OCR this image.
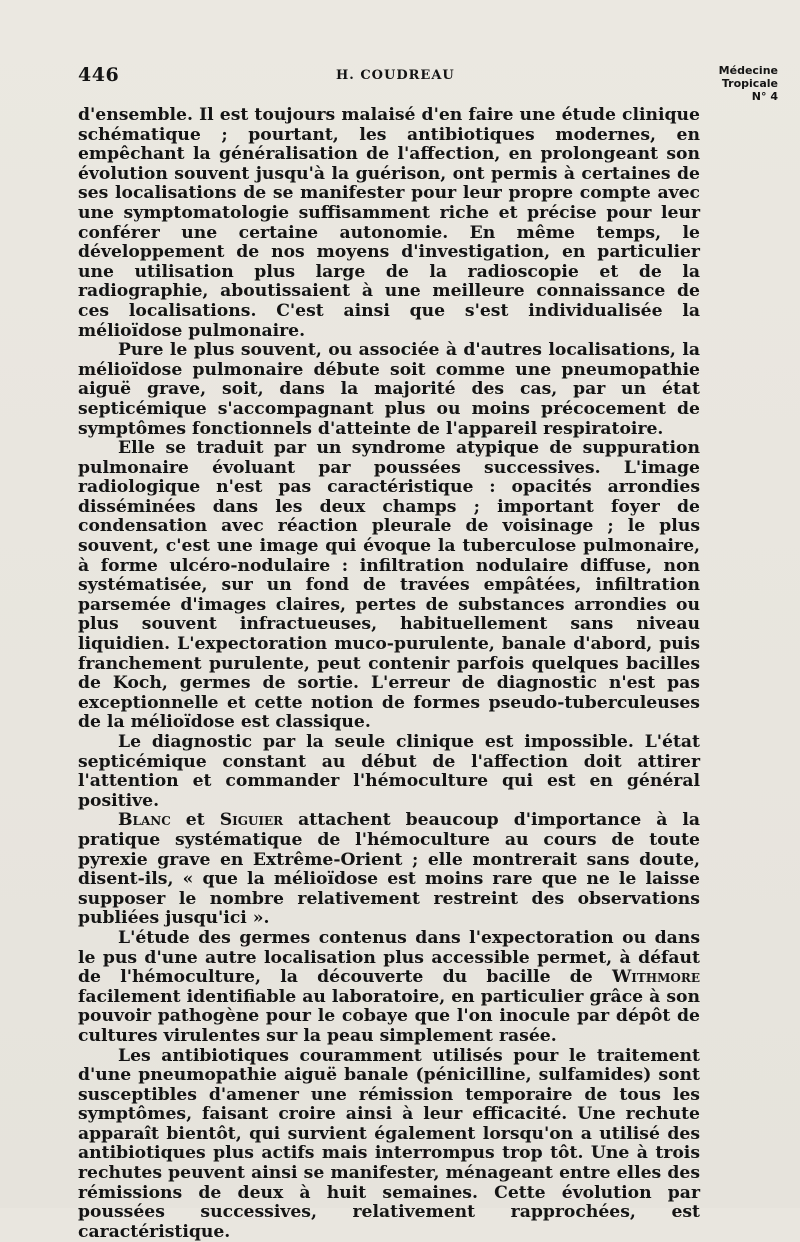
446	H. COUDREAU	Médecine
Tropicale
N° 4

d'ensemble. Il est toujours malaisé d'en faire une étude clinique schématique ; pourtant, les antibiotiques modernes, en empêchant la généralisation de l'affection, en prolongeant son évolution souvent jusqu'à la guérison, ont permis à certaines de ses localisations de se manifester pour leur propre compte avec une symptomatologie suffisamment riche et précise pour leur conférer une certaine autonomie. En même temps, le développement de nos moyens d'investigation, en particulier une utilisation plus large de la radioscopie et de la radiographie, aboutissaient à une meilleure connaissance de ces localisations. C'est ainsi que s'est individualisée la mélioïdose pulmonaire.

Pure le plus souvent, ou associée à d'autres localisations, la mélioïdose pulmonaire débute soit comme une pneumopathie aiguë grave, soit, dans la majorité des cas, par un état septicémique s'accompagnant plus ou moins précocement de symptômes fonctionnels d'atteinte de l'appareil respiratoire.

Elle se traduit par un syndrome atypique de suppuration pulmonaire évoluant par poussées successives. L'image radiologique n'est pas caractéristique : opacités arrondies disséminées dans les deux champs ; important foyer de condensation avec réaction pleurale de voisinage ; le plus souvent, c'est une image qui évoque la tuberculose pulmonaire, à forme ulcéro-nodulaire : infiltration nodulaire diffuse, non systématisée, sur un fond de travées empâtées, infiltration parsemée d'images claires, pertes de substances arrondies ou plus souvent infractueuses, habituellement sans niveau liquidien. L'expectoration muco-purulente, banale d'abord, puis franchement purulente, peut contenir parfois quelques bacilles de Koch, germes de sortie. L'erreur de diagnostic n'est pas exceptionnelle et cette notion de formes pseudo-tuberculeuses de la mélioïdose est classique.

Le diagnostic par la seule clinique est impossible. L'état septicémique constant au début de l'affection doit attirer l'attention et commander l'hémoculture qui est en général positive.

Blanc et Siguier attachent beaucoup d'importance à la pratique systématique de l'hémoculture au cours de toute pyrexie grave en Extrême-Orient ; elle montrerait sans doute, disent-ils, « que la mélioïdose est moins rare que ne le laisse supposer le nombre relativement restreint des observations publiées jusqu'ici ».

L'étude des germes contenus dans l'expectoration ou dans le pus d'une autre localisation plus accessible permet, à défaut de l'hémoculture, la découverte du bacille de Withmore facilement identifiable au laboratoire, en particulier grâce à son pouvoir pathogène pour le cobaye que l'on inocule par dépôt de cultures virulentes sur la peau simplement rasée.

Les antibiotiques couramment utilisés pour le traitement d'une pneumopathie aiguë banale (pénicilline, sulfamides) sont susceptibles d'amener une rémission temporaire de tous les symptômes, faisant croire ainsi à leur efficacité. Une rechute apparaît bientôt, qui survient également lorsqu'on a utilisé des antibiotiques plus actifs mais interrompus trop tôt. Une à trois rechutes peuvent ainsi se manifester, ménageant entre elles des rémissions de deux à huit semaines. Cette évolution par poussées successives, relativement rapprochées, est caractéristique.
